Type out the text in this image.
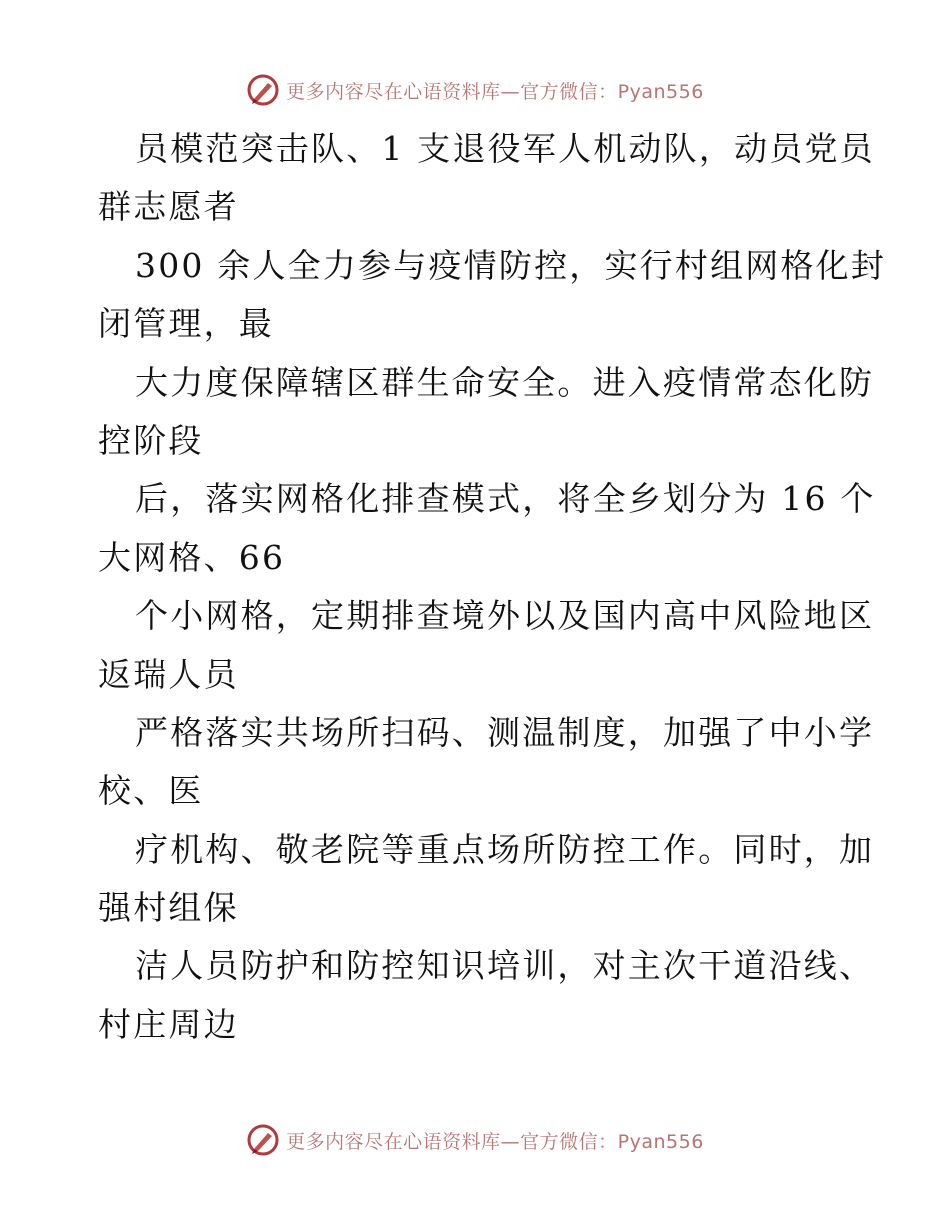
更多内容尽在心语资料库—官方微信：Pyan556
员模范突击队、1 支退役军人机动队，动员党员
群志愿者
300 余人全力参与疫情防控，实行村组网格化封
闭管理，最
大力度保障辖区群生命安全。进入疫情常态化防
控阶段
后，落实网格化排查模式，将全乡划分为 16 个
大网格、66
个小网格，定期排查境外以及国内高中风险地区
返瑞人员
严格落实共场所扫码、测温制度，加强了中小学
校、医
疗机构、敬老院等重点场所防控工作。同时，加
强村组保
洁人员防护和防控知识培训，对主次干道沿线、
村庄周边
更多内容尽在心语资料库—官方微信：Pyan556
